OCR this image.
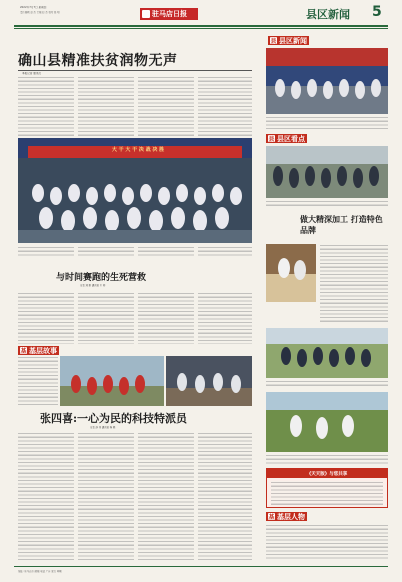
2022年7月7日 星期四
责任编辑 赵 杰 美编 赵 杰 校对 张 明	驻马店日报	县区新闻 5
确山县精准扶贫润物无声
本报记者 通讯员
大 干 大 干 决 战 决 胜
县 县区新闻
县 县区看点
做大精深加工 打造特色品牌
与时间赛跑的生死营救
记者 刘 阳 通讯员 王 帅
基 基层故事
张四喜:一心为民的科技特派员
记者 孙 伟 通讯员 杨 晓
《天天版》与您共享
基 基层人物
地址: 驻马店市 邮编 电话 广告 发行 印刷
